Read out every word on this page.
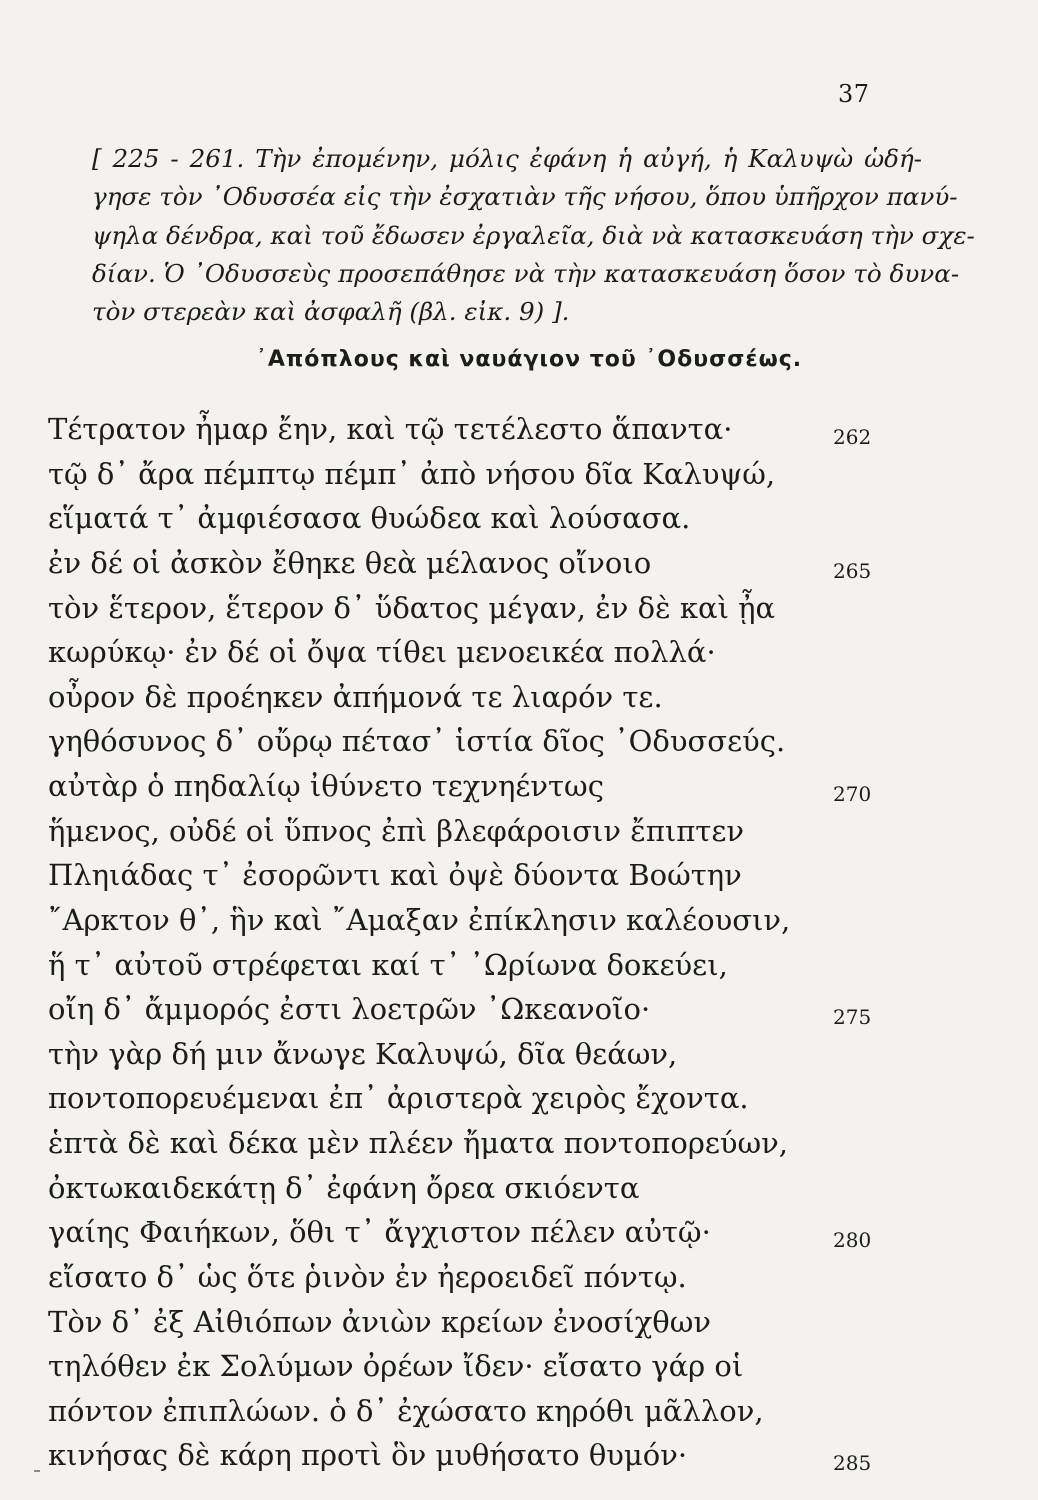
37
[ 225 - 261. Τὴν ἐπομένην, μόλις ἐφάνη ἡ αὐγή, ἡ Καλυψὼ ὡδή-
γησε τὸν ᾿Οδυσσέα εἰς τὴν ἐσχατιὰν τῆς νήσου, ὅπου ὑπῆρχον πανύ-
ψηλα δένδρα, καὶ τοῦ ἔδωσεν ἐργαλεῖα, διὰ νὰ κατασκευάση τὴν σχε-
δίαν. Ὁ ᾿Οδυσσεὺς προσεπάθησε νὰ τὴν κατασκευάση ὅσον τὸ δυνα-
τὸν στερεὰν καὶ ἀσφαλῆ (βλ. εἰκ. 9) ].
᾿Απόπλους καὶ ναυάγιον τοῦ ᾿Οδυσσέως.
Τέτρατον ἦμαρ ἔην, καὶ τῷ τετέλεστο ἅπαντα·	262
τῷ δ᾿ ἄρα πέμπτῳ πέμπ᾿ ἀπὸ νήσου δῖα Καλυψώ,
εἵματά τ᾿ ἀμφιέσασα θυώδεα καὶ λούσασα.
ἐν δέ οἱ ἀσκὸν ἔθηκε θεὰ μέλανος οἴνοιο	265
τὸν ἕτερον, ἕτερον δ᾿ ὕδατος μέγαν, ἐν δὲ καὶ ᾖα
κωρύκῳ· ἐν δέ οἱ ὄψα τίθει μενοεικέα πολλά·
οὖρον δὲ προέηκεν ἀπήμονά τε λιαρόν τε.
γηθόσυνος δ᾿ οὔρῳ πέτασ᾿ ἱστία δῖος ᾿Οδυσσεύς.
αὐτὰρ ὁ πηδαλίῳ ἰθύνετο τεχνηέντως	270
ἥμενος, οὐδέ οἱ ὕπνος ἐπὶ βλεφάροισιν ἔπιπτεν
Πληιάδας τ᾿ ἐσορῶντι καὶ ὀψὲ δύοντα Βοώτην
῎Αρκτον θ᾿, ἣν καὶ ῎Αμαξαν ἐπίκλησιν καλέουσιν,
ἥ τ᾿ αὐτοῦ στρέφεται καί τ᾿ ᾿Ωρίωνα δοκεύει,
οἴη δ᾿ ἄμμορός ἐστι λοετρῶν ᾿Ωκεανοῖο·	275
τὴν γὰρ δή μιν ἄνωγε Καλυψώ, δῖα θεάων,
ποντοπορευέμεναι ἐπ᾿ ἀριστερὰ χειρὸς ἔχοντα.
ἑπτὰ δὲ καὶ δέκα μὲν πλέεν ἤματα ποντοπορεύων,
ὀκτωκαιδεκάτῃ δ᾿ ἐφάνη ὄρεα σκιόεντα
γαίης Φαιήκων, ὅθι τ᾿ ἄγχιστον πέλεν αὐτῷ·	280
εἴσατο δ᾿ ὡς ὅτε ῥινὸν ἐν ἠεροειδεῖ πόντῳ.
Τὸν δ᾿ ἐξ Αἰθιόπων ἀνιὼν κρείων ἐνοσίχθων
τηλόθεν ἐκ Σολύμων ὀρέων ἴδεν· εἴσατο γάρ οἱ
πόντον ἐπιπλώων. ὁ δ᾿ ἐχώσατο κηρόθι μᾶλλον,
κινήσας δὲ κάρη προτὶ ὃν μυθήσατο θυμόν·	285
